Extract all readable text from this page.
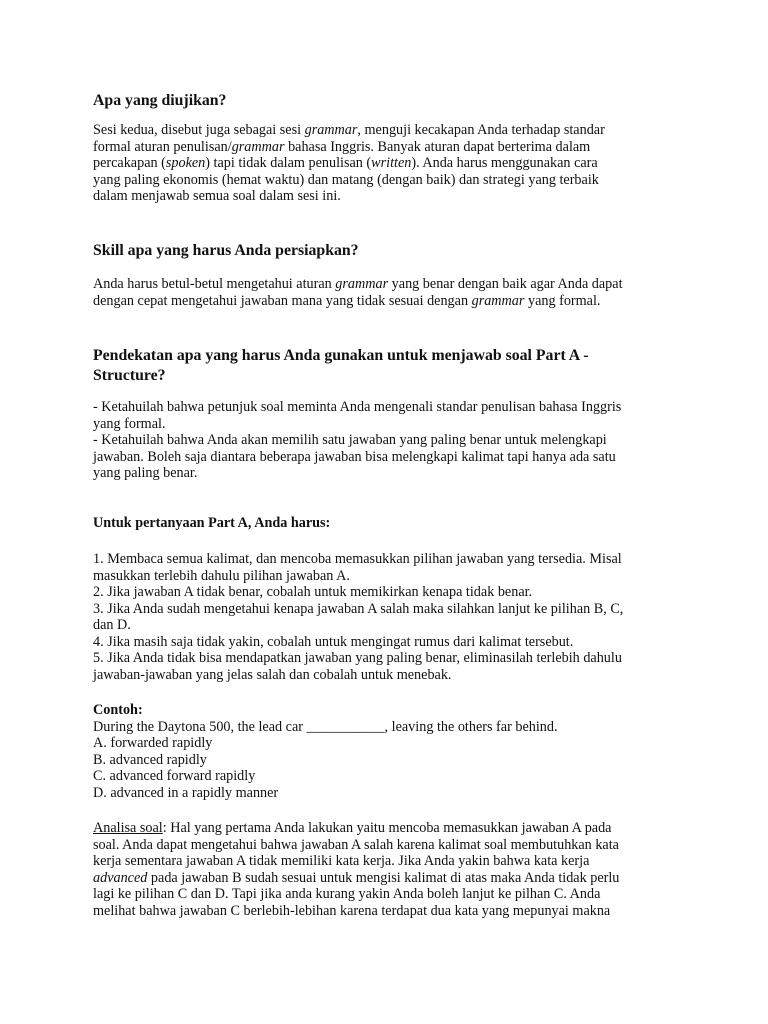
Apa yang diujikan?

Sesi kedua, disebut juga sebagai sesi grammar, menguji kecakapan Anda terhadap standar
formal aturan penulisan/grammar bahasa Inggris. Banyak aturan dapat berterima dalam
percakapan (spoken) tapi tidak dalam penulisan (written). Anda harus menggunakan cara
yang paling ekonomis (hemat waktu) dan matang (dengan baik) dan strategi yang terbaik
dalam menjawab semua soal dalam sesi ini.

Skill apa yang harus Anda persiapkan?

Anda harus betul-betul mengetahui aturan grammar yang benar dengan baik agar Anda dapat
dengan cepat mengetahui jawaban mana yang tidak sesuai dengan grammar yang formal.

Pendekatan apa yang harus Anda gunakan untuk menjawab soal Part A -
Structure?

- Ketahuilah bahwa petunjuk soal meminta Anda mengenali standar penulisan bahasa Inggris
yang formal.
- Ketahuilah bahwa Anda akan memilih satu jawaban yang paling benar untuk melengkapi
jawaban. Boleh saja diantara beberapa jawaban bisa melengkapi kalimat tapi hanya ada satu
yang paling benar.

Untuk pertanyaan Part A, Anda harus:

1. Membaca semua kalimat, dan mencoba memasukkan pilihan jawaban yang tersedia. Misal
masukkan terlebih dahulu pilihan jawaban A.
2. Jika jawaban A tidak benar, cobalah untuk memikirkan kenapa tidak benar.
3. Jika Anda sudah mengetahui kenapa jawaban A salah maka silahkan lanjut ke pilihan B, C,
dan D.
4. Jika masih saja tidak yakin, cobalah untuk mengingat rumus dari kalimat tersebut.
5. Jika Anda tidak bisa mendapatkan jawaban yang paling benar, eliminasilah terlebih dahulu
jawaban-jawaban yang jelas salah dan cobalah untuk menebak.

Contoh:
During the Daytona 500, the lead car ___________, leaving the others far behind.
A. forwarded rapidly
B. advanced rapidly
C. advanced forward rapidly
D. advanced in a rapidly manner

Analisa soal: Hal yang pertama Anda lakukan yaitu mencoba memasukkan jawaban A pada
soal. Anda dapat mengetahui bahwa jawaban A salah karena kalimat soal membutuhkan kata
kerja sementara jawaban A tidak memiliki kata kerja. Jika Anda yakin bahwa kata kerja
advanced pada jawaban B sudah sesuai untuk mengisi kalimat di atas maka Anda tidak perlu
lagi ke pilihan C dan D. Tapi jika anda kurang yakin Anda boleh lanjut ke pilhan C. Anda
melihat bahwa jawaban C berlebih-lebihan karena terdapat dua kata yang mepunyai makna
